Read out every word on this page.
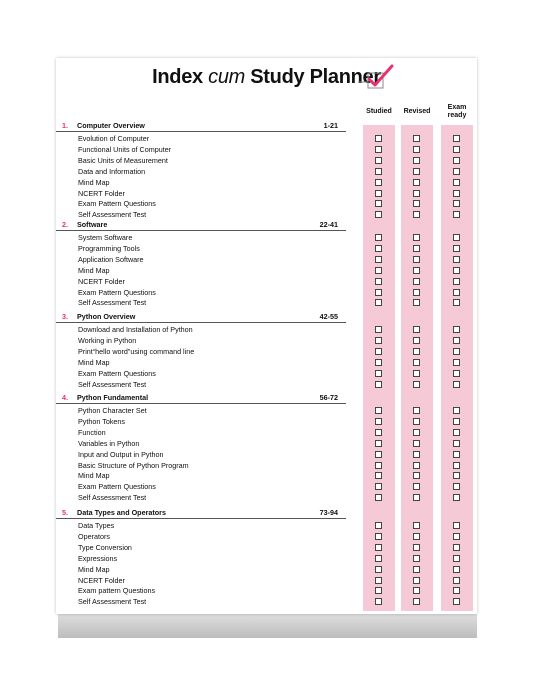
Index cum Study Planner
Studied	Revised
Exam ready
1. Computer Overview	1-21
Evolution of Computer
Functional Units of Computer
Basic Units of Measurement
Data and Information
Mind Map
NCERT Folder
Exam Pattern Questions
Self Assessment Test
2. Software	22-41
System Software
Programming Tools
Application Software
Mind Map
NCERT Folder
Exam Pattern Questions
Self Assessment Test
3. Python Overview	42-55
Download and Installation of Python
Working in Python
Print“hello word”using command line
Mind Map
Exam Pattern Questions
Self Assessment Test
4. Python Fundamental	56-72
Python Character Set
Python Tokens
Function
Variables in Python
Input and Output in Python
Basic Structure of Python Program
Mind Map
Exam Pattern Questions
Self Assessment Test
5. Data Types and Operators	73-94
Data Types
Operators
Type Conversion
Expressions
Mind Map
NCERT Folder
Exam pattern Questions
Self Assessment Test
